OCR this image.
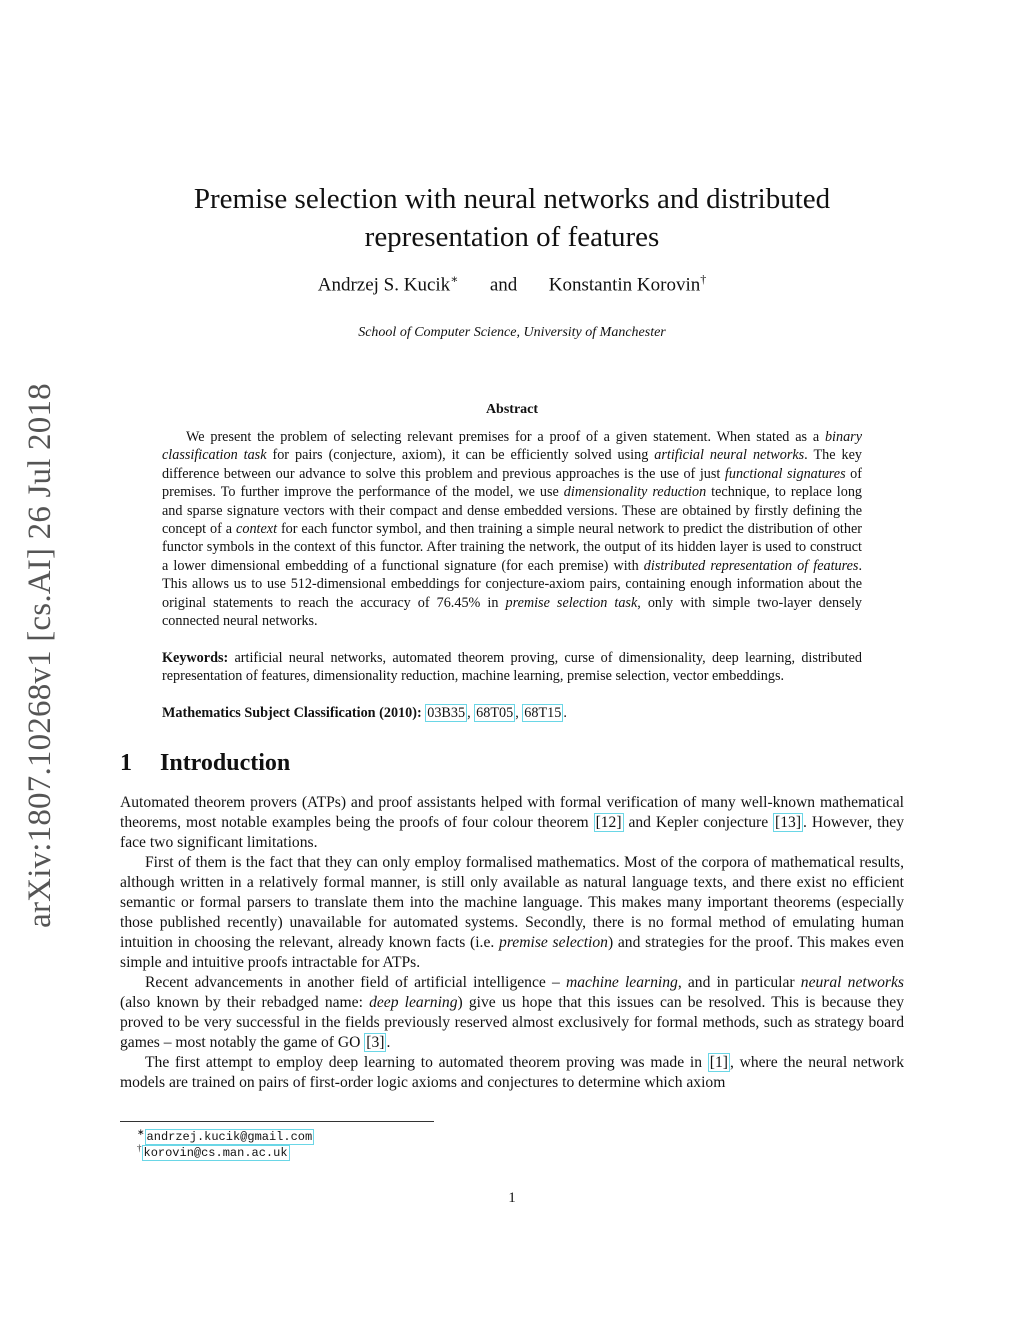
arXiv:1807.10268v1 [cs.AI] 26 Jul 2018
Premise selection with neural networks and distributed
representation of features
Andrzej S. Kucik∗ and Konstantin Korovin†
School of Computer Science, University of Manchester
Abstract

We present the problem of selecting relevant premises for a proof of a given statement. When stated as a binary classification task for pairs (conjecture, axiom), it can be efficiently solved using artificial neural networks. The key difference between our advance to solve this problem and previous approaches is the use of just functional signatures of premises. To further improve the performance of the model, we use dimensionality reduction technique, to replace long and sparse signature vectors with their compact and dense embedded versions. These are obtained by firstly defining the concept of a context for each functor symbol, and then training a simple neural network to predict the distribution of other functor symbols in the context of this functor. After training the network, the output of its hidden layer is used to construct a lower dimensional embedding of a functional signature (for each premise) with distributed representation of features. This allows us to use 512-dimensional embeddings for conjecture-axiom pairs, containing enough information about the original statements to reach the accuracy of 76.45% in premise selection task, only with simple two-layer densely connected neural networks.

Keywords: artificial neural networks, automated theorem proving, curse of dimensionality, deep learning, distributed representation of features, dimensionality reduction, machine learning, premise selection, vector embeddings.

Mathematics Subject Classification (2010): 03B35 , 68T05 , 68T15 .

1 Introduction

Automated theorem provers (ATPs) and proof assistants helped with formal verification of many well-known mathematical theorems, most notable examples being the proofs of four colour theorem [12] and Kepler conjecture [13] . However, they face two significant limitations.

First of them is the fact that they can only employ formalised mathematics. Most of the corpora of mathematical results, although written in a relatively formal manner, is still only available as natural language texts, and there exist no efficient semantic or formal parsers to translate them into the machine language. This makes many important theorems (especially those published recently) unavailable for automated systems. Secondly, there is no formal method of emulating human intuition in choosing the relevant, already known facts (i.e. premise selection) and strategies for the proof. This makes even simple and intuitive proofs intractable for ATPs.

Recent advancements in another field of artificial intelligence – machine learning, and in particular neural networks (also known by their rebadged name: deep learning) give us hope that this issues can be resolved. This is because they proved to be very successful in the fields previously reserved almost exclusively for formal methods, such as strategy board games – most notably the game of GO [3] .

The first attempt to employ deep learning to automated theorem proving was made in [1] , where the neural network models are trained on pairs of first-order logic axioms and conjectures to determine which axiom

∗ andrzej.kucik@gmail.com
† korovin@cs.man.ac.uk
1
